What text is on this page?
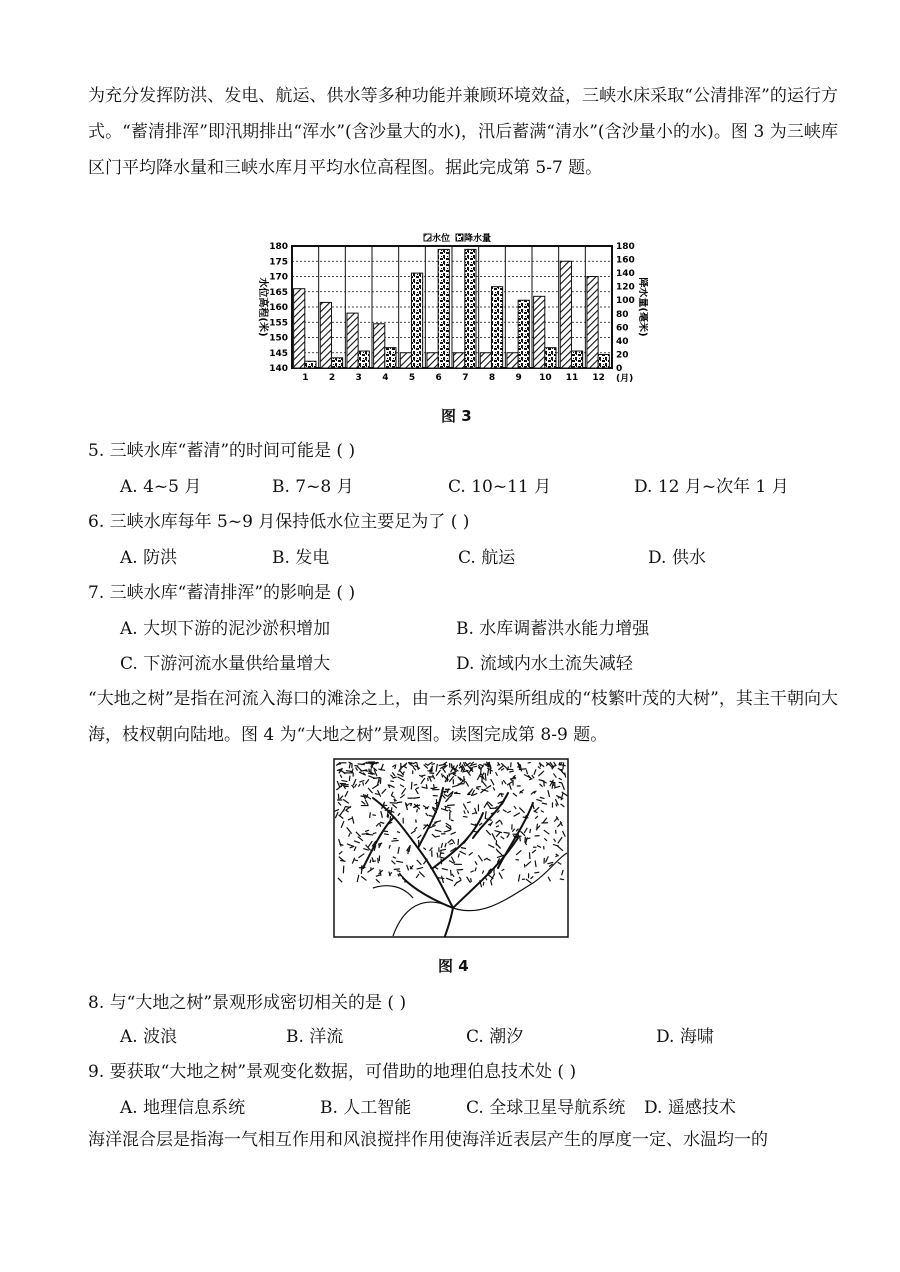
为充分发挥防洪、发电、航运、供水等多种功能并兼顾环境效益，三峡水床采取“公清排浑”的运行方式。“蓄清排浑”即汛期排出“浑水”(含沙量大的水)，汛后蓄满“清水”(含沙量小的水)。图 3 为三峡库区门平均降水量和三峡水库月平均水位高程图。据此完成第 5-7 题。

180
175
170
165
160
155
150
145
140
180
160
140
120
100
80
60
40
20
0
1 2 3 4 5 6 7 8 9 10 11 12
水位 降水量
水位高程(米)	降水量(毫米)
(月)
图 3
5. 三峡水库“蓄清”的时间可能是 ( )
A. 4~5 月	B. 7~8 月	C. 10~11 月	D. 12 月~次年 1 月
6. 三峡水库每年 5~9 月保持低水位主要足为了 ( )
A. 防洪	B. 发电	C. 航运	D. 供水
7. 三峡水库“蓄清排浑”的影响是 ( )
A. 大坝下游的泥沙淤积增加	B. 水库调蓄洪水能力增强
C. 下游河流水量供给量增大	D. 流域内水土流失减轻

“大地之树”是指在河流入海口的滩涂之上，由一系列沟渠所组成的“枝繁叶茂的大树”，其主干朝向大海，枝杈朝向陆地。图 4 为“大地之树”景观图。读图完成第 8-9 题。

图 4
8. 与“大地之树”景观形成密切相关的是 ( )
A. 波浪	B. 洋流	C. 潮汐	D. 海啸
9. 要获取“大地之树”景观变化数据，可借助的地理伯息技术处 ( )
A. 地理信息系统	B. 人工智能	C. 全球卫星导航系统 D. 遥感技术

海洋混合层是指海一气相互作用和风浪搅拌作用使海洋近表层产生的厚度一定、水温均一的
